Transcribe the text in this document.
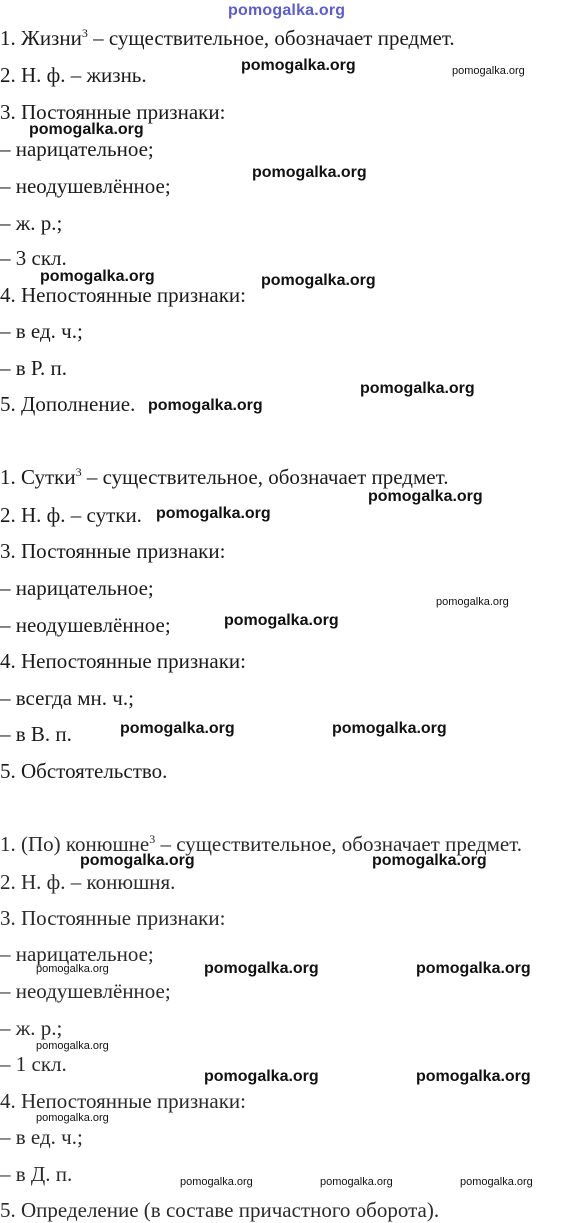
pomogalka.org
1. Жизни$^3$ – существительное, обозначает предмет.
2. Н. ф. – жизнь.
3. Постоянные признаки:
– нарицательное;
– неодушевлённое;
– ж. р.;
– 3 скл.
4. Непостоянные признаки:
– в ед. ч.;
– в Р. п.
5. Дополнение.
1. Сутки$^3$ – существительное, обозначает предмет.
2. Н. ф. – сутки.
3. Постоянные признаки:
– нарицательное;
– неодушевлённое;
4. Непостоянные признаки:
– всегда мн. ч.;
– в В. п.
5. Обстоятельство.
1. (По) конюшне$^3$ – существительное, обозначает предмет.
2. Н. ф. – конюшня.
3. Постоянные признаки:
– нарицательное;
– неодушевлённое;
– ж. р.;
– 1 скл.
4. Непостоянные признаки:
– в ед. ч.;
– в Д. п.
5. Определение (в составе причастного оборота).
pomogalka.org	pomogalka.org
pomogalka.org
pomogalka.org
pomogalka.org	pomogalka.org
pomogalka.org
pomogalka.org
pomogalka.org
pomogalka.org
pomogalka.org
pomogalka.org
pomogalka.org	pomogalka.org
pomogalka.org	pomogalka.org
pomogalka.org	pomogalka.org
pomogalka.org
pomogalka.org
pomogalka.org	pomogalka.org
pomogalka.org
pomogalka.org	pomogalka.org	pomogalka.org
